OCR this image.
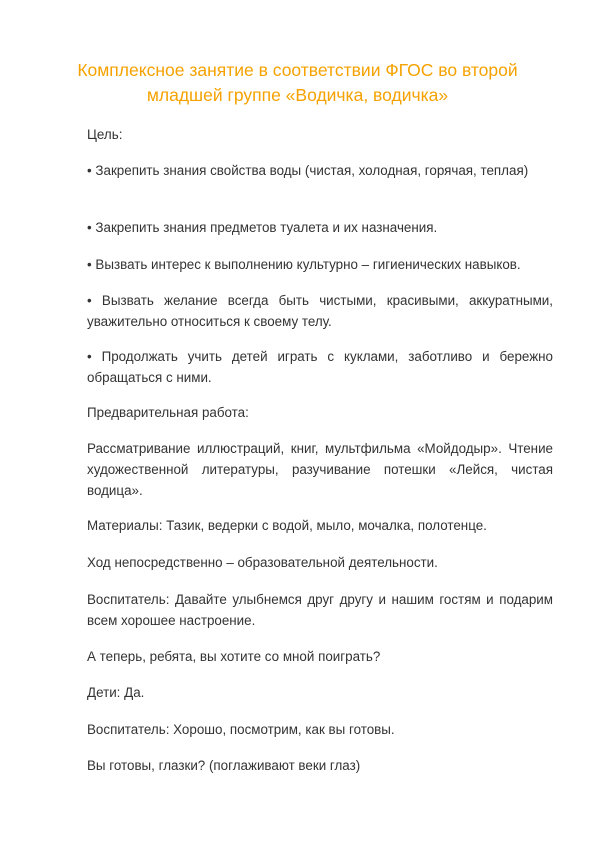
Комплексное занятие в соответствии ФГОС во второй младшей группе «Водичка, водичка»

Цель:

• Закрепить знания свойства воды (чистая, холодная, горячая, теплая)

• Закрепить знания предметов туалета и их назначения.

• Вызвать интерес к выполнению культурно – гигиенических навыков.

• Вызвать желание всегда быть чистыми, красивыми, аккуратными, уважительно относиться к своему телу.

• Продолжать учить детей играть с куклами, заботливо и бережно обращаться с ними.

Предварительная работа:

Рассматривание иллюстраций, книг, мультфильма «Мойдодыр». Чтение художественной литературы, разучивание потешки «Лейся, чистая водица».

Материалы: Тазик, ведерки с водой, мыло, мочалка, полотенце.

Ход непосредственно – образовательной деятельности.

Воспитатель: Давайте улыбнемся друг другу и нашим гостям и подарим всем хорошее настроение.

А теперь, ребята, вы хотите со мной поиграть?

Дети: Да.

Воспитатель: Хорошо, посмотрим, как вы готовы.

Вы готовы, глазки? (поглаживают веки глаз)
